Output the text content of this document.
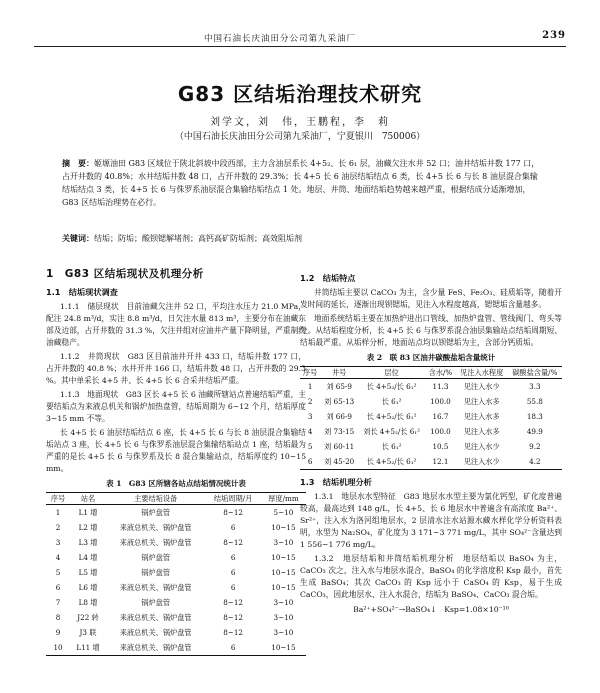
中国石油长庆油田分公司第九采油厂	239
G83 区结垢治理技术研究
刘学文，刘　伟，王鹏程，李　莉
（中国石油长庆油田分公司第九采油厂，宁夏银川　750006）
摘　要：姬塬油田 G83 区域位于陕北斜坡中段西部，主力含油层系长 4+5₂、长 6₁ 层，油藏欠注水井 52 口；油井结垢井数 177 口，占开井数的 40.8%；水井结垢井数 48 口，占开井数的 29.3%；长 4+5 长 6 油层结垢结点 6 类，长 4+5 长 6 与长 8 油层混合集输结垢结点 3 类，长 4+5 长 6 与侏罗系油层混合集输结垢结点 1 处。地层、井筒、地面结垢趋势越来越严重，根据结成分适渐增加，G83 区结垢治理势在必行。
关键词：结垢；防垢；酸钡锶解堵剂；高钙高矿防垢剂；高效阻垢剂
1　G83 区结垢现状及机理分析
1.1　结垢现状调查

1.1.1　储层现状　目前油藏欠注井 52 口，平均注水压力 21.0 MPa，配注 24.8 m³/d，实注 8.8 m³/d，日欠注水量 813 m³，主要分布在油藏东部及边部，占开井数的 31.3 %，欠注井组对应油井产量下降明显，严重制约油藏稳产。

1.1.2　井筒现状　G83 区目前油井开井 433 口，结垢井数 177 口，占开井数的 40.8 %；水井开井 166 口，结垢井数 48 口，占开井数的 29.3 %。其中单采长 4+5 井、长 4+5 长 6 合采井结垢严重。

1.1.3　地面现状　G83 区长 4+5 长 6 油藏所辖站点普遍结垢严重，主要结垢点为来液总机关和锅炉加热盘管，结垢周期为 6~12 个月，结垢厚度 3~15 mm 不等。

长 4+5 长 6 油层结垢结点 6 座，长 4+5 长 6 与长 8 油层混合集输结垢站点 3 座，长 4+5 长 6 与侏罗系油层混合集输结垢站点 1 座，结垢最为严重的是长 4+5 长 6 与侏罗系及长 8 混合集输站点，结垢厚度约 10~15 mm。

表 1　G83 区所辖各站点结垢情况统计表
序号	站名	主要结垢设备	结垢周期/月	厚度/mm
1	L1 增	锅炉盘管	8~12	5~10
2	L2 增	来液总机关、锅炉盘管	6	10~15
3	L3 增	来液总机关、锅炉盘管	8~12	3~10
4	L4 增	锅炉盘管	6	10~15
5	L5 增	锅炉盘管	6	10~15
6	L6 增	来液总机关、锅炉盘管	6	10~15
7	L8 增	锅炉盘管	8~12	3~10
8	J22 转	来液总机关、锅炉盘管	8~12	3~10
9	J3 联	来液总机关、锅炉盘管	8~12	3~10
10	L11 增	来液总机关、锅炉盘管	6	10~15
1.2　结垢特点

井筒结垢主要以 CaCO₃ 为主，含少量 FeS、Fe₂O₃、硅质垢等，随着开发时间的延长，逐渐出现钡锶垢，见注入水程度越高，锶锶垢含量越多。

地面系统结垢主要在加热炉进出口管线、加热炉盘管、管线阀门、弯头等处。从结垢程度分析，长 4+5 长 6 与侏罗系混合油层集输站点结垢周期短、结垢最严重。从垢样分析，地面站点均以钡锶垢为主，含部分钙质垢。

表 2　联 83 区油井碳酸盐垢含量统计
序号	井号	层位	含水/%	见注入水程度	碳酸盐含量/%
1	刘 65-9	长 4+5₂/长 6₁²	11.3	见注入水少	3.3
2	刘 65-13	长 6₁²	100.0	见注入水多	55.8
3	刘 66-9	长 4+5₂/长 6₁²	16.7	见注入水多	18.3
4	刘 73-15	刘长 4+5₂/长 6₁²	100.0	见注入水多	49.9
5	刘 60-11	长 6₁²	10.5	见注入水少	9.2
6	刘 45-20	长 4+5₂/长 6₁²	12.1	见注入水少	4.2
1.3　结垢机理分析

1.3.1　地层水水型特征　G83 地层水水型主要为氯化钙型，矿化度普遍较高，最高达到 148 g/L，长 4+5、长 6 地层水中普遍含有高浓度 Ba²⁺、Sr²⁺，注入水为洛河组地层水，2 层清水注水站源水藏水样化学分析资料表明，水型为 Na₂SO₄，矿化度为 3 171~3 771 mg/L，其中 SO₄²⁻含量达到 1 556~1 776 mg/L。

1.3.2　地层结垢和井筒结垢机理分析　地层结垢以 BaSO₄ 为主，CaCO₃ 次之，注入水与地层水混合，BaSO₄ 的化学溶度积 Ksp 最小，首先生成 BaSO₄；其次 CaCO₃ 的 Ksp 远小于 CaSO₄ 的 Ksp，易于生成 CaCO₃，因此地层水、注入水混合，结垢为 BaSO₄、CaCO₃ 混合垢。

Ba²⁺+SO₄²⁻→BaSO₄↓　Ksp=1.08×10⁻¹⁰
